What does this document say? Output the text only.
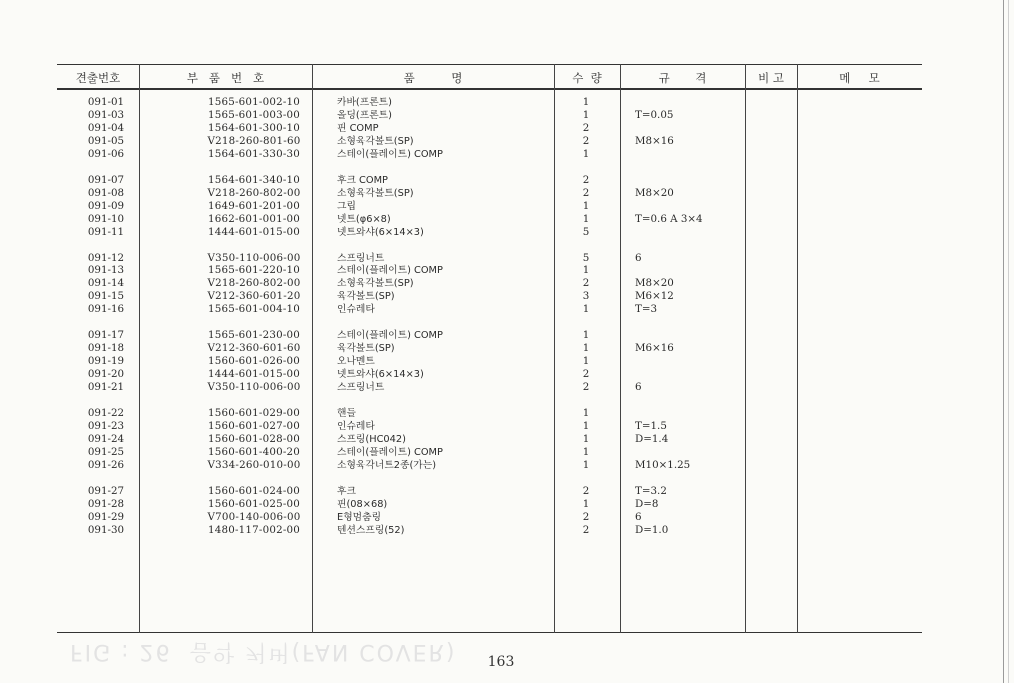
견출번호	부   품   번   호	품          명	수  량	규       격	비 고	메     모
091-01	1565-601-002-10	카바(프론트)	1
091-03	1565-601-003-00	올딩(프론트)	1	T=0.05
091-04	1564-601-300-10	핀 COMP	2
091-05	V218-260-801-60	소형육각볼트(SP)	2	M8×16
091-06	1564-601-330-30	스테이(플레이트) COMP	1
091-07	1564-601-340-10	후크 COMP	2
091-08	V218-260-802-00	소형육각볼트(SP)	2	M8×20
091-09	1649-601-201-00	그립	1
091-10	1662-601-001-00	넷트(φ6×8)	1	T=0.6 A 3×4
091-11	1444-601-015-00	넷트와샤(6×14×3)	5
091-12	V350-110-006-00	스프링너트	5	6
091-13	1565-601-220-10	스테이(플레이트) COMP	1
091-14	V218-260-802-00	소형육각볼트(SP)	2	M8×20
091-15	V212-360-601-20	육각볼트(SP)	3	M6×12
091-16	1565-601-004-10	인슈레타	1	T=3
091-17	1565-601-230-00	스테이(플레이트) COMP	1
091-18	V212-360-601-60	육각볼트(SP)	1	M6×16
091-19	1560-601-026-00	오나멘트	1
091-20	1444-601-015-00	넷트와샤(6×14×3)	2
091-21	V350-110-006-00	스프링너트	2	6
091-22	1560-601-029-00	핸들	1
091-23	1560-601-027-00	인슈레타	1	T=1.5
091-24	1560-601-028-00	스프링(HC042)	1	D=1.4
091-25	1560-601-400-20	스테이(플레이트) COMP	1
091-26	V334-260-010-00	소형육각너트2종(가는)	1	M10×1.25
091-27	1560-601-024-00	후크	2	T=3.2
091-28	1560-601-025-00	핀(08×68)	1	D=8
091-29	V700-140-006-00	E형멈춤링	2	6
091-30	1480-117-002-00	텐션스프링(52)	2	D=1.0
FIG : 26  음악 커버(FAN COVER)	163
